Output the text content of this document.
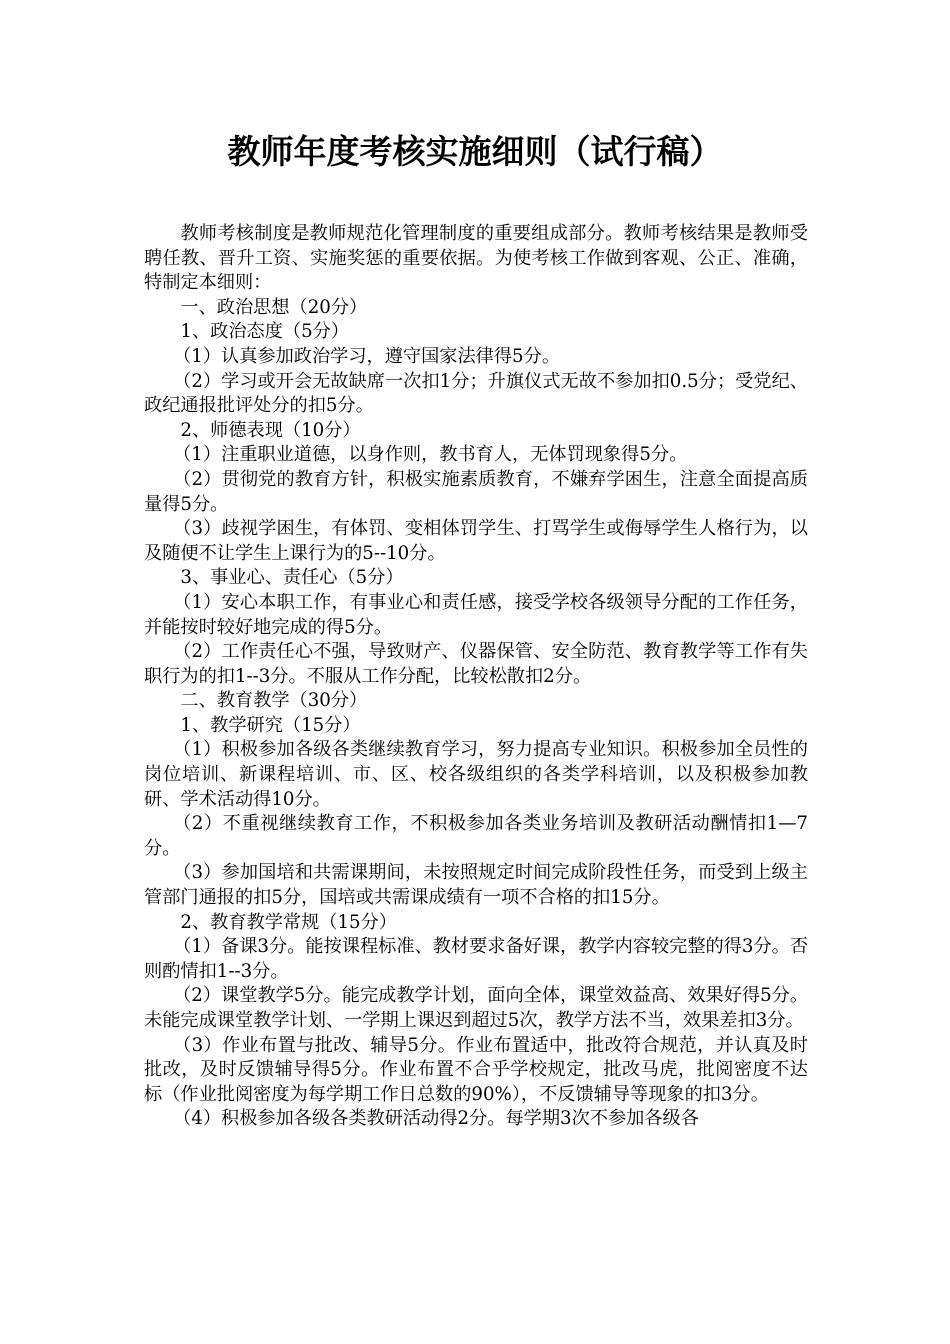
教师年度考核实施细则（试行稿）

教师考核制度是教师规范化管理制度的重要组成部分。教师考核结果是教师受聘任教、晋升工资、实施奖惩的重要依据。为使考核工作做到客观、公正、准确，特制定本细则：

一、政治思想（20分）

1、政治态度（5分）

（1）认真参加政治学习，遵守国家法律得5分。

（2）学习或开会无故缺席一次扣1分；升旗仪式无故不参加扣0.5分；受党纪、政纪通报批评处分的扣5分。

2、师德表现（10分）

（1）注重职业道德，以身作则，教书育人，无体罚现象得5分。

（2）贯彻党的教育方针，积极实施素质教育，不嫌弃学困生，注意全面提高质量得5分。

（3）歧视学困生，有体罚、变相体罚学生、打骂学生或侮辱学生人格行为，以及随便不让学生上课行为的5--10分。

3、事业心、责任心（5分）

（1）安心本职工作，有事业心和责任感，接受学校各级领导分配的工作任务，并能按时较好地完成的得5分。

（2）工作责任心不强，导致财产、仪器保管、安全防范、教育教学等工作有失职行为的扣1--3分。不服从工作分配，比较松散扣2分。

二、教育教学（30分）

1、教学研究（15分）

（1）积极参加各级各类继续教育学习，努力提高专业知识。积极参加全员性的岗位培训、新课程培训、市、区、校各级组织的各类学科培训，以及积极参加教研、学术活动得10分。

（2）不重视继续教育工作，不积极参加各类业务培训及教研活动酬情扣1—7分。

（3）参加国培和共需课期间，未按照规定时间完成阶段性任务，而受到上级主管部门通报的扣5分，国培或共需课成绩有一项不合格的扣15分。

2、教育教学常规（15分）

（1）备课3分。能按课程标准、教材要求备好课，教学内容较完整的得3分。否则酌情扣1--3分。

（2）课堂教学5分。能完成教学计划，面向全体，课堂效益高、效果好得5分。未能完成课堂教学计划、一学期上课迟到超过5次，教学方法不当，效果差扣3分。

（3）作业布置与批改、辅导5分。作业布置适中，批改符合规范，并认真及时批改，及时反馈辅导得5分。作业布置不合乎学校规定，批改马虎，批阅密度不达标（作业批阅密度为每学期工作日总数的90%），不反馈辅导等现象的扣3分。

（4）积极参加各级各类教研活动得2分。每学期3次不参加各级各
